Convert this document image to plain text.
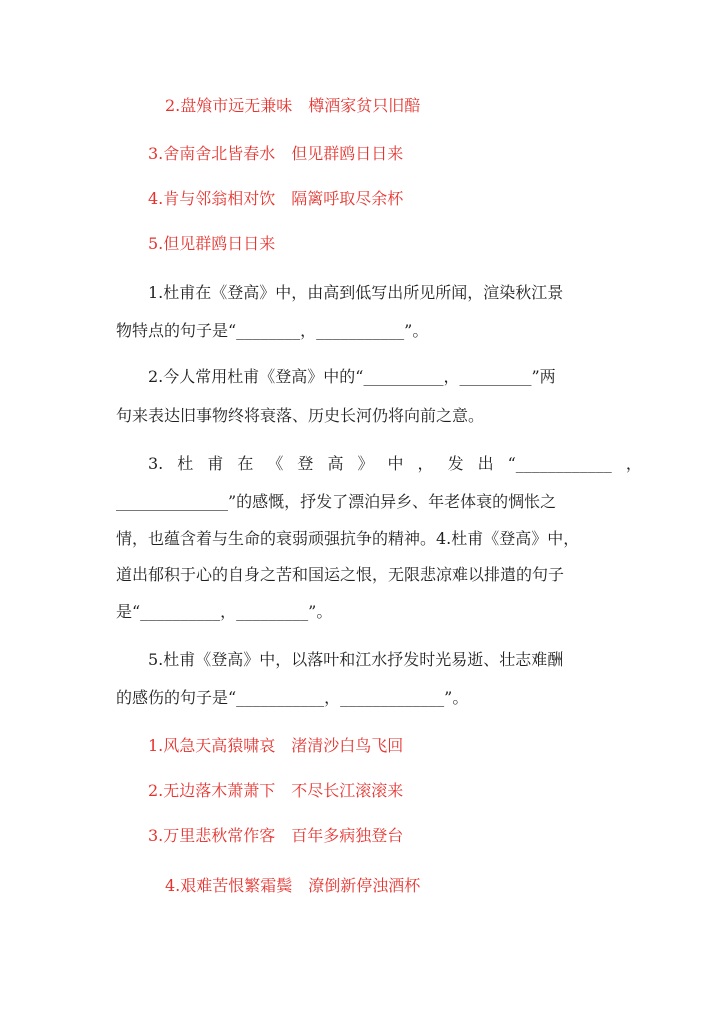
2.盘飧市远无兼味　樽酒家贫只旧醅
3.舍南舍北皆春水　但见群鸥日日来
4.肯与邻翁相对饮　隔篱呼取尽余杯
5.但见群鸥日日来
1.杜甫在《登高》中，由高到低写出所见所闻，渲染秋江景
物特点的句子是“________，___________”。
2.今人常用杜甫《登高》中的“__________，_________”两
句来表达旧事物终将衰落、历史长河仍将向前之意。
3. 杜 甫 在 《 登 高 》 中 ， 发 出 “____________ ，
______________”的感慨，抒发了漂泊异乡、年老体衰的惆怅之
情，也蕴含着与生命的衰弱顽强抗争的精神。4.杜甫《登高》中，
道出郁积于心的自身之苦和国运之恨，无限悲凉难以排遣的句子
是“__________，_________”。
5.杜甫《登高》中，以落叶和江水抒发时光易逝、壮志难酬
的感伤的句子是“___________，_____________”。
1.风急天高猿啸哀　渚清沙白鸟飞回
2.无边落木萧萧下　不尽长江滚滚来
3.万里悲秋常作客　百年多病独登台
4.艰难苦恨繁霜鬓　潦倒新停浊酒杯
